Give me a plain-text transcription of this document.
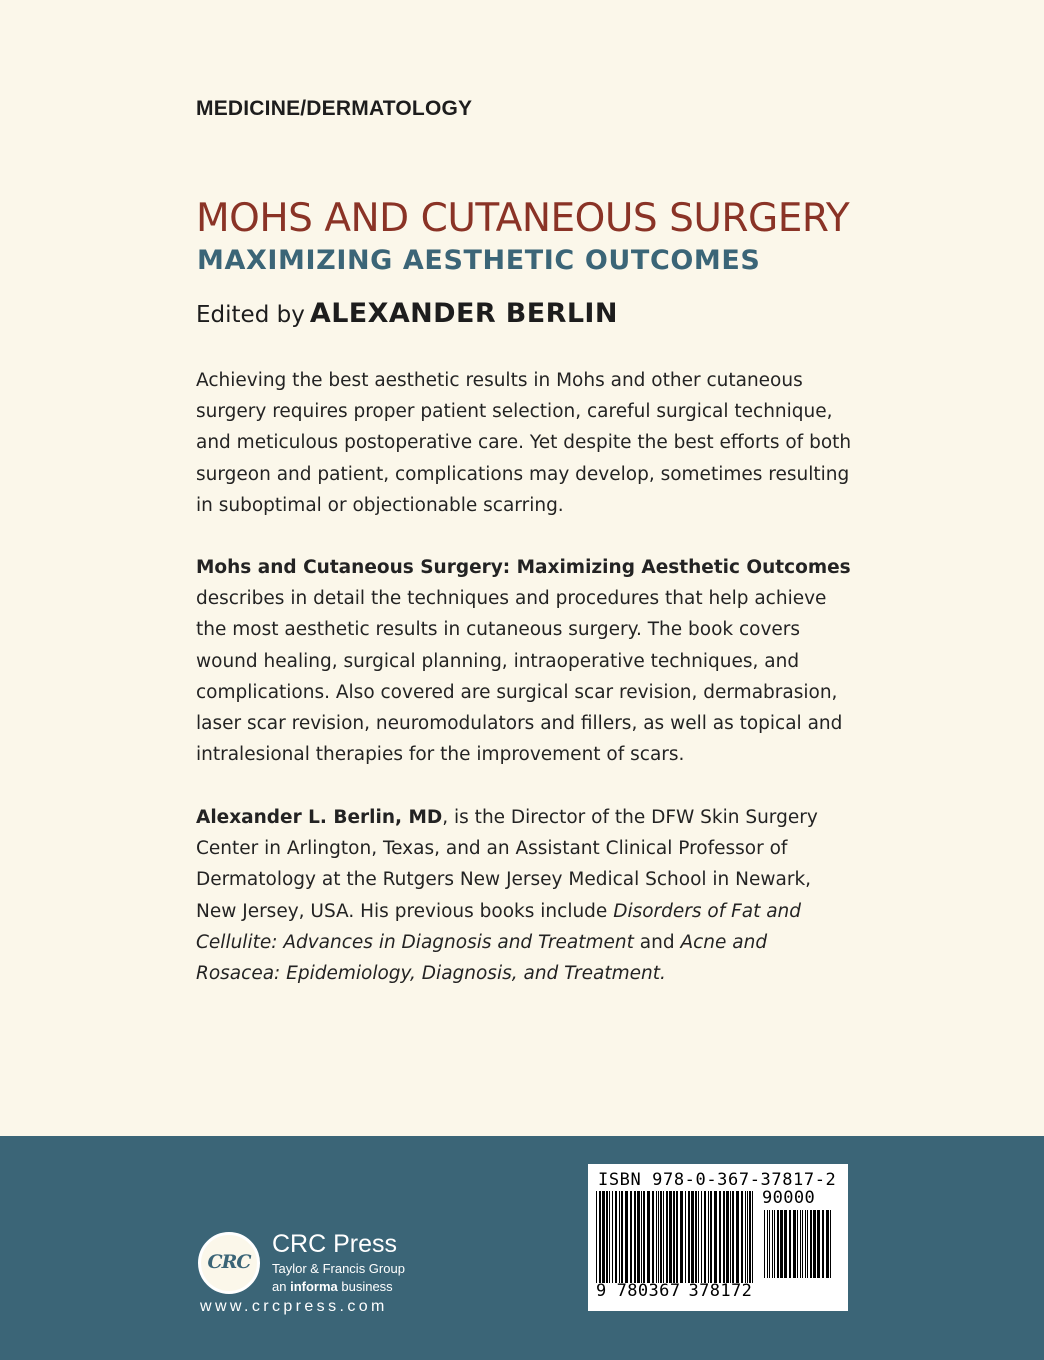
MEDICINE/DERMATOLOGY
MOHS AND CUTANEOUS SURGERY
MAXIMIZING AESTHETIC OUTCOMES
Edited by ALEXANDER BERLIN
Achieving the best aesthetic results in Mohs and other cutaneous
surgery requires proper patient selection, careful surgical technique,
and meticulous postoperative care. Yet despite the best efforts of both
surgeon and patient, complications may develop, sometimes resulting
in suboptimal or objectionable scarring.
Mohs and Cutaneous Surgery: Maximizing Aesthetic Outcomes
describes in detail the techniques and procedures that help achieve
the most aesthetic results in cutaneous surgery. The book covers
wound healing, surgical planning, intraoperative techniques, and
complications. Also covered are surgical scar revision, dermabrasion,
laser scar revision, neuromodulators and fillers, as well as topical and
intralesional therapies for the improvement of scars.
Alexander L. Berlin, MD, is the Director of the DFW Skin Surgery
Center in Arlington, Texas, and an Assistant Clinical Professor of
Dermatology at the Rutgers New Jersey Medical School in Newark,
New Jersey, USA. His previous books include Disorders of Fat and
Cellulite: Advances in Diagnosis and Treatment and Acne and
Rosacea: Epidemiology, Diagnosis, and Treatment.
CRC
CRC Press
Taylor & Francis Group
an informa business
www.crcpress.com
ISBN 978-0-367-37817-2
90000
9 780367 378172
